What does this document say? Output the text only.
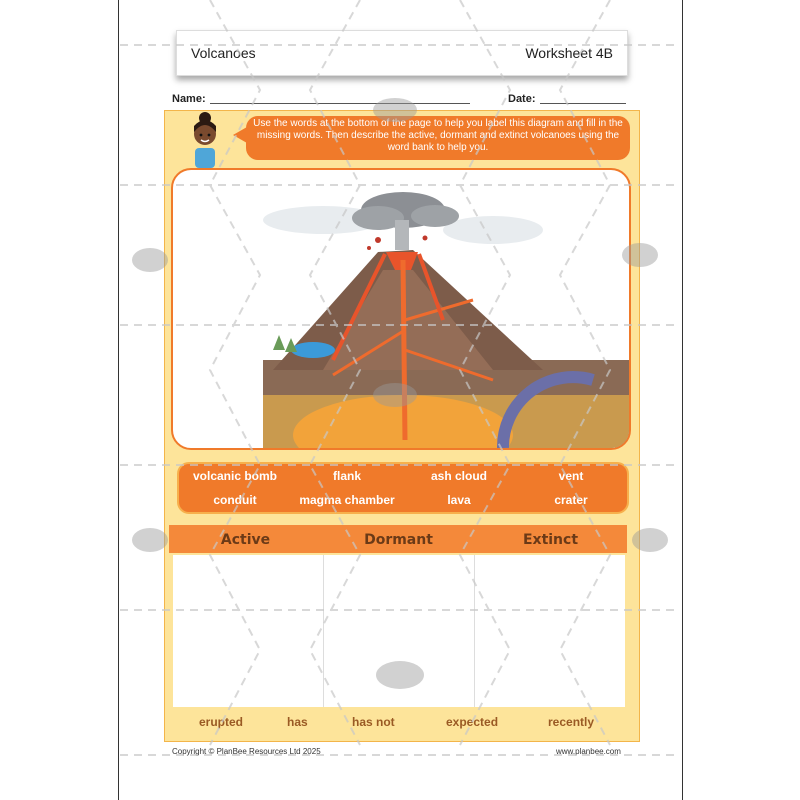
Volcanoes	Worksheet 4B
Name:	Date:
Use the words at the bottom of the page to help you label this diagram and fill in the missing words. Then describe the active, dormant and extinct volcanoes using the word bank to help you.
volcanic bomb	flank	ash cloud	vent
conduit	magma chamber	lava	crater
Active	Dormant	Extinct
erupted	has	has not	expected	recently
Copyright © PlanBee Resources Ltd 2025	www.planbee.com
